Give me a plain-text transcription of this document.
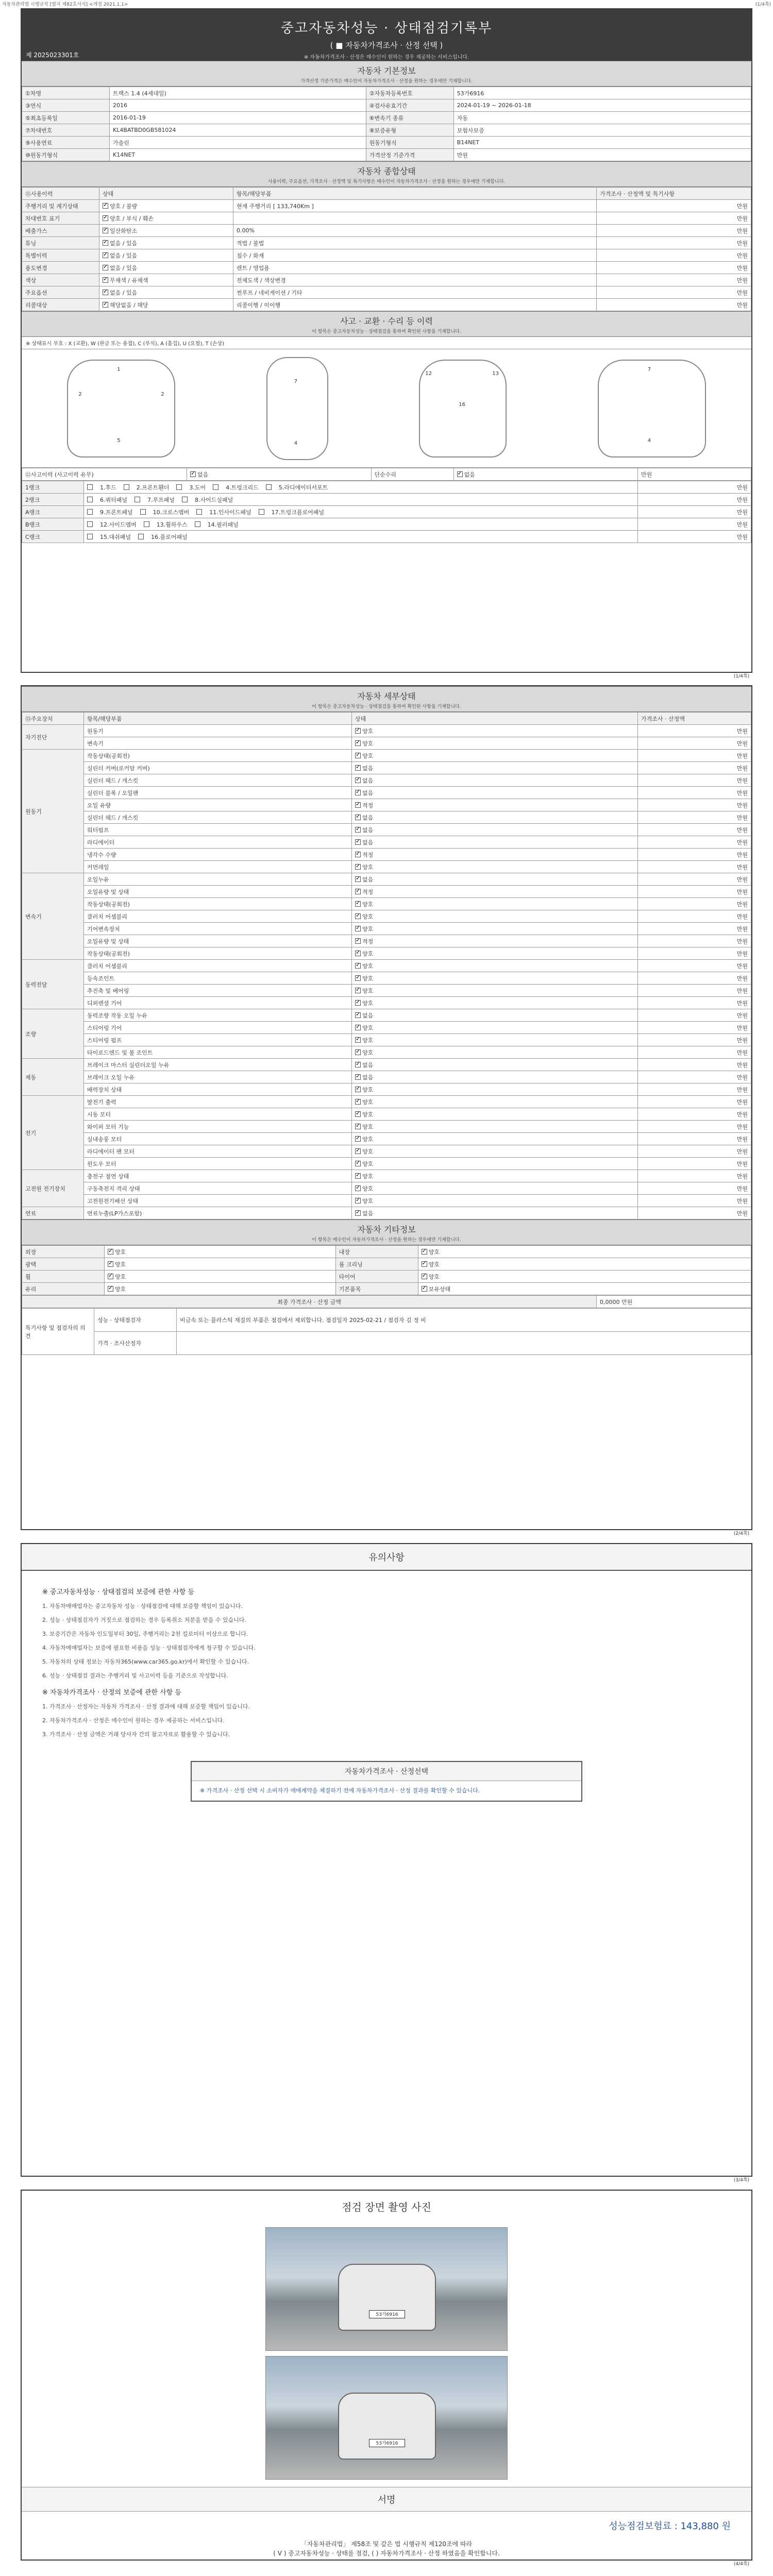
자동차관리법 시행규칙 [별지 제82호서식] <개정 2021.1.1>	(1/4쪽)
중고자동차성능 · 상태점검기록부
( ■ 자동차가격조사 · 산정 선택 )
※ 자동차가격조사 · 산정은 매수인이 원하는 경우 제공하는 서비스입니다.
제 2025023301호
자동차 기본정보
가격산정 기준가격은 매수인이 자동차가격조사 · 산정을 원하는 경우에만 기재합니다.
①차명	트랙스 1.4 (4세대일)	②자동차등록번호	53가6916
③연식	2016	④검사유효기간	2024-01-19 ~ 2026-01-18
⑤최초등록일	2016-01-19	⑥변속기 종류	자동
⑦차대번호	KL4BATBD0GB581024	⑧보증유형	보험사보증
⑨사용연료	가솔린	원동기형식	B14NET
⑩원동기형식	K14NET	가격산정 기준가격	만원
자동차 종합상태
사용이력, 주요옵션, 가격조사 · 산정액 및 특기사항은 매수인이 자동차가격조사 · 산정을 원하는 경우에만 기재합니다.
⑪사용이력	상태	항목/해당부품	가격조사 · 산정액 및 특기사항
주행거리 및 계기상태	✓양호 / 불량	현재 주행거리 [ 133,740Km ]	만원
차대번호 표기	✓양호 / 부식 / 훼손		만원
배출가스	✓일산화탄소	0.00%	만원
튜닝	✓없음 / 있음	적법 / 불법	만원
특별이력	✓없음 / 있음	침수 / 화재	만원
용도변경	✓없음 / 있음	렌트 / 영업용	만원
색상	✓무채색 / 유채색	전체도색 / 색상변경	만원
주요옵션	✓없음 / 있음	썬루프 / 네비게이션 / 기타	만원
리콜대상	✓해당없음 / 해당	리콜이행 / 미이행	만원
사고 · 교환 · 수리 등 이력
이 항목은 중고자동차성능 · 상태점검을 통하여 확인된 사항을 기재합니다.
※ 상태표시 부호 : X (교환), W (판금 또는 용접), C (부식), A (흠집), U (요철), T (손상)
1
2	2
5
7
4
16
12	13
7
4
⑫사고이력 (사고이력 유무)	✓없음	단순수리	✓없음	만원
1랭크	1.후드 2.프론트휀더 3.도어 4.트렁크리드 5.라디에이터서포트	만원
2랭크	6.쿼터패널 7.루프패널 8.사이드실패널	만원
A랭크	9.프론트패널 10.크로스멤버 11.인사이드패널 17.트렁크플로어패널	만원
B랭크	12.사이드멤버 13.휠하우스 14.필러패널	만원
C랭크	15.대쉬패널 16.플로어패널	만원
(1/4쪽)
자동차 세부상태
이 항목은 중고자동차성능 · 상태점검을 통하여 확인된 사항을 기재합니다.
⑬주요장치	항목/해당부품	상태	가격조사 · 산정액
자기진단	원동기	✓양호	만원
	변속기	✓양호	만원
원동기	작동상태(공회전)	✓양호	만원
	실린더 커버(로커암 커버)	✓없음	만원
	실린더 헤드 / 개스킷	✓없음	만원
	실린더 블록 / 오일팬	✓없음	만원
	오일 유량	✓적정	만원
	실린더 헤드 / 개스킷	✓없음	만원
	워터펌프	✓없음	만원
	라디에이터	✓없음	만원
	냉각수 수량	✓적정	만원
	커먼레일	✓양호	만원
변속기	오일누유	✓없음	만원
	오일유량 및 상태	✓적정	만원
	작동상태(공회전)	✓양호	만원
	클러치 어셈블리	✓양호	만원
	기어변속장치	✓양호	만원
	오일유량 및 상태	✓적정	만원
	작동상태(공회전)	✓양호	만원
동력전달	클러치 어셈블리	✓양호	만원
	등속조인트	✓양호	만원
	추진축 및 베어링	✓양호	만원
	디퍼렌셜 기어	✓양호	만원
조향	동력조향 작동 오일 누유	✓없음	만원
	스티어링 기어	✓양호	만원
	스티어링 펌프	✓양호	만원
	타이로드엔드 및 볼 조인트	✓양호	만원
제동	브레이크 마스터 실린더오일 누유	✓없음	만원
	브레이크 오일 누유	✓없음	만원
	배력장치 상태	✓양호	만원
전기	발전기 출력	✓양호	만원
	시동 모터	✓양호	만원
	와이퍼 모터 기능	✓양호	만원
	실내송풍 모터	✓양호	만원
	라디에이터 팬 모터	✓양호	만원
	윈도우 모터	✓양호	만원
고전원 전기장치	충전구 절연 상태	✓양호	만원
	구동축전지 격리 상태	✓양호	만원
	고전원전기배선 상태	✓양호	만원
연료	연료누출(LP가스포함)	✓없음	만원
자동차 기타정보
이 항목은 매수인이 자동차가격조사 · 산정을 원하는 경우에만 기재합니다.
외장	✓양호	내장	✓양호
광택	✓양호	룸 크리닝	✓양호
휠	✓양호	타이어	✓양호
유리	✓양호	기본품목	✓보유상태
최종 가격조사 · 산정 금액	0,0000 만원
특기사항 및 점검자의 의견	성능 · 상태점검자	비금속 또는 플라스틱 재질의 부품은 점검에서 제외합니다. 점검일자 2025-02-21 / 점검자 김 정 비
	가격 · 조사산정자	
(2/4쪽)
유의사항
※ 중고자동차성능 · 상태점검의 보증에 관한 사항 등

1. 자동차매매업자는 중고자동차 성능 · 상태점검에 대해 보증할 책임이 있습니다.

2. 성능 · 상태점검자가 거짓으로 점검하는 경우 등록취소 처분을 받을 수 있습니다.

3. 보증기간은 자동차 인도일부터 30일, 주행거리는 2천 킬로미터 이상으로 합니다.

4. 자동차매매업자는 보증에 필요한 비용을 성능 · 상태점검자에게 청구할 수 있습니다.

5. 자동차의 상태 정보는 자동차365(www.car365.go.kr)에서 확인할 수 있습니다.

6. 성능 · 상태점검 결과는 주행거리 및 사고이력 등을 기준으로 작성합니다.

※ 자동차가격조사 · 산정의 보증에 관한 사항 등

1. 가격조사 · 산정자는 자동차 가격조사 · 산정 결과에 대해 보증할 책임이 있습니다.

2. 자동차가격조사 · 산정은 매수인이 원하는 경우 제공하는 서비스입니다.

3. 가격조사 · 산정 금액은 거래 당사자 간의 참고자료로 활용할 수 있습니다.

자동차가격조사 · 산정선택
※ 가격조사 · 산정 선택 시 소비자가 매매계약을 체결하기 전에 자동차가격조사 · 산정 결과를 확인할 수 있습니다.
(3/4쪽)
점검 장면 촬영 사진
53가6916
53가6916
서명
성능점검보험료 : 143,880 원
「자동차관리법」 제58조 및 같은 법 시행규칙 제120조에 따라
( V ) 중고자동차성능 · 상태를 점검, ( ) 자동차가격조사 · 산정 하였음을 확인합니다.
(4/4쪽)
